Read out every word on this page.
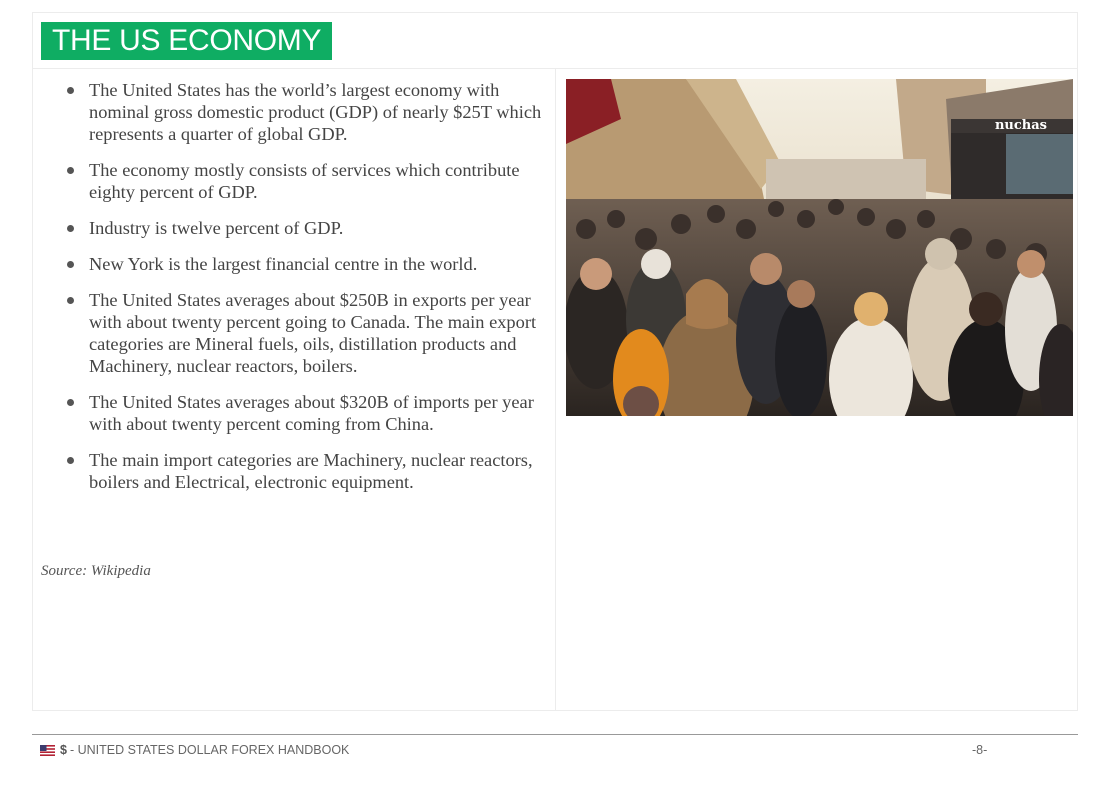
THE US ECONOMY
The United States has the world’s largest economy with nominal gross domestic product (GDP) of nearly $25T which represents a quarter of global GDP.
The economy mostly consists of services which contribute eighty percent of GDP.
Industry is twelve percent of GDP.
New York is the largest financial centre in the world.
The United States averages about $250B in exports per year with about twenty percent going to Canada. The main export categories are Mineral fuels, oils, distillation products and Machinery, nuclear reactors, boilers.
The United States averages about $320B of imports per year with about twenty percent coming from China.
The main import categories are Machinery, nuclear reactors, boilers and Electrical, electronic equipment.
Source: Wikipedia
nuchas
$ - UNITED STATES DOLLAR FOREX HANDBOOK	-8-
